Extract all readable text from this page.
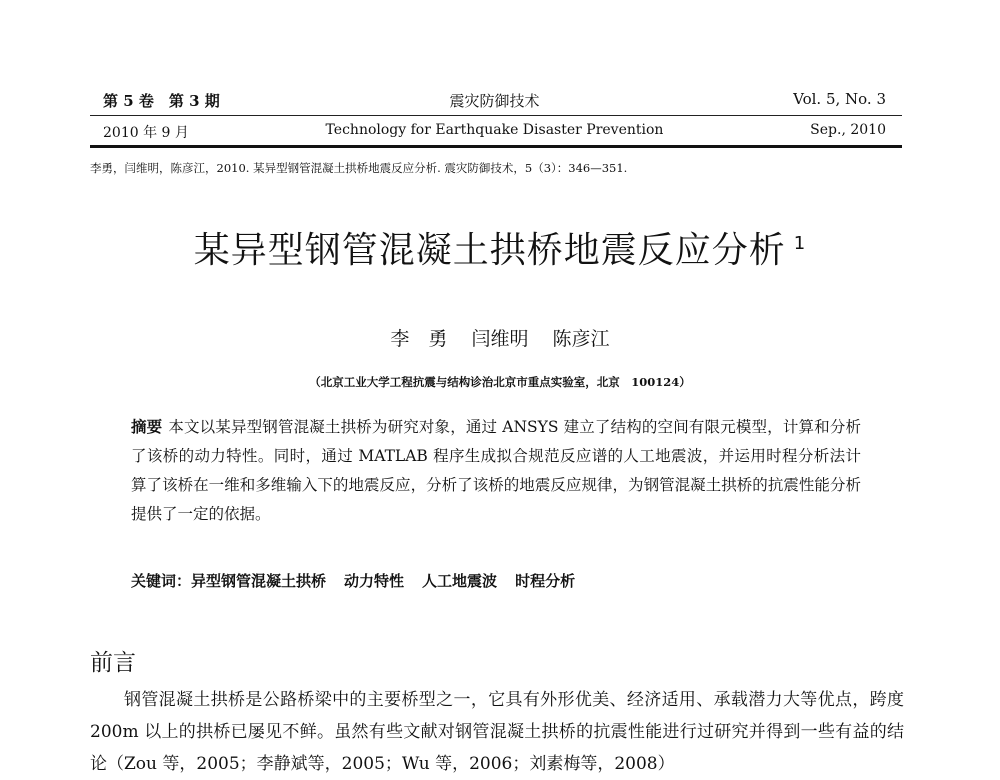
第 5 卷　第 3 期	震灾防御技术	Vol. 5, No. 3
2010 年 9 月	Technology for Earthquake Disaster Prevention	Sep., 2010
李勇，闫维明，陈彦江，2010. 某异型钢管混凝土拱桥地震反应分析. 震灾防御技术，5（3）：346—351.
某异型钢管混凝土拱桥地震反应分析 $^1$
李　勇 闫维明 陈彦江
（北京工业大学工程抗震与结构诊治北京市重点实验室，北京　100124）
摘要 本文以某异型钢管混凝土拱桥为研究对象，通过 ANSYS 建立了结构的空间有限元模型，计算和分析了该桥的动力特性。同时，通过 MATLAB 程序生成拟合规范反应谱的人工地震波，并运用时程分析法计算了该桥在一维和多维输入下的地震反应，分析了该桥的地震反应规律，为钢管混凝土拱桥的抗震性能分析提供了一定的依据。
关键词：异型钢管混凝土拱桥 动力特性 人工地震波 时程分析
前言
钢管混凝土拱桥是公路桥梁中的主要桥型之一，它具有外形优美、经济适用、承载潜力大等优点，跨度 200m 以上的拱桥已屡见不鲜。虽然有些文献对钢管混凝土拱桥的抗震性能进行过研究并得到一些有益的结论（Zou 等，2005；李静斌等，2005；Wu 等，2006；刘素梅等，2008）
